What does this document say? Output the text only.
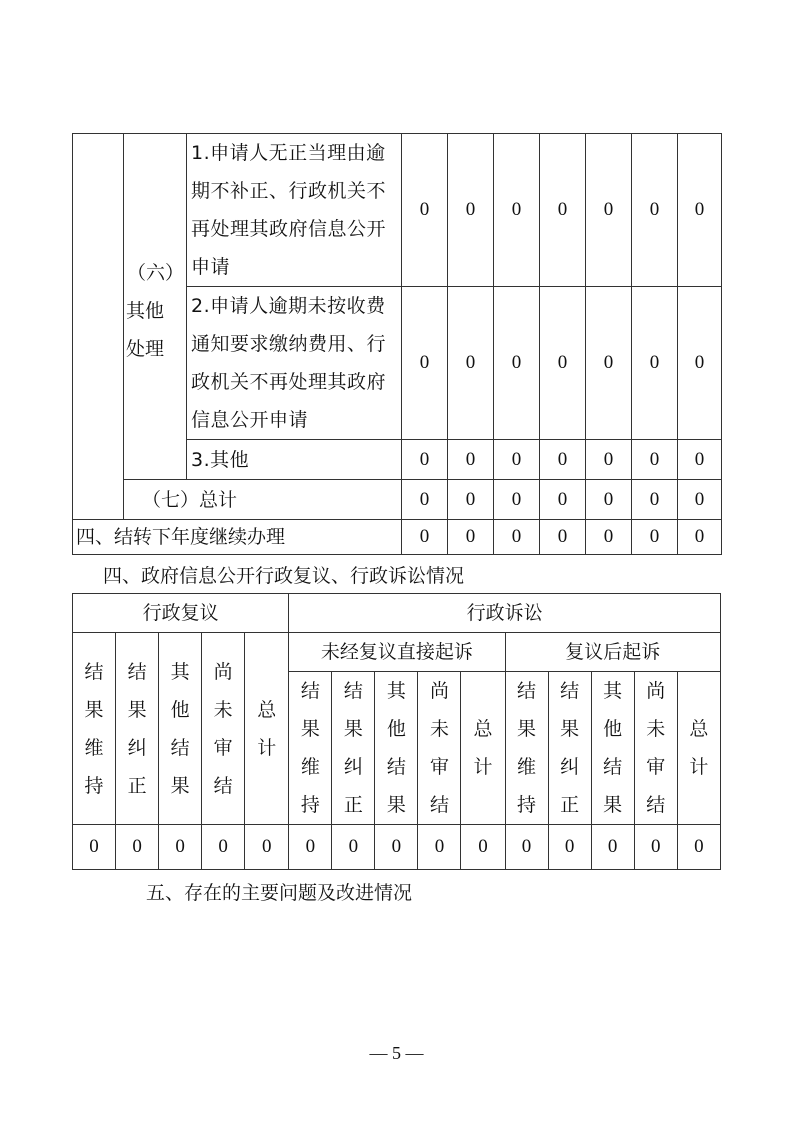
	（六）
其他
处理	1.申请人无正当理由逾期不补正、行政机关不再处理其政府信息公开申请	0	0	0	0	0	0	0
		2.申请人逾期未按收费通知要求缴纳费用、行政机关不再处理其政府信息公开申请	0	0	0	0	0	0	0
		3.其他	0	0	0	0	0	0	0
	（七）总计		0	0	0	0	0	0	0
四、结转下年度继续办理			0	0	0	0	0	0	0
四、政府信息公开行政复议、行政诉讼情况
行政复议					行政诉讼									
结果维持	结果纠正	其他结果	尚未审结	总计	未经复议直接起诉					复议后起诉				
					结果维持	结果纠正	其他结果	尚未审结	总计	结果维持	结果纠正	其他结果	尚未审结	总计
0	0	0	0	0	0	0	0	0	0	0	0	0	0	0
五、存在的主要问题及改进情况
— 5 —
